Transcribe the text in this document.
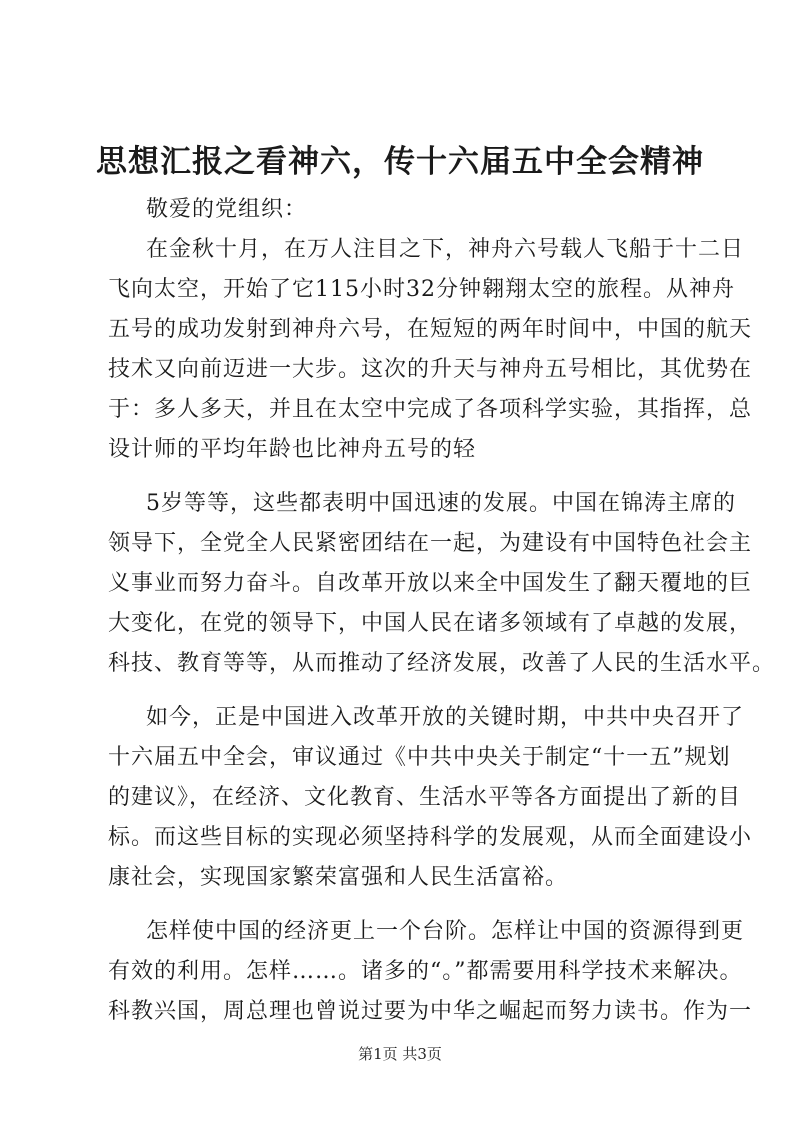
思想汇报之看神六，传十六届五中全会精神
敬爱的党组织：
在金秋十月，在万人注目之下，神舟六号载人飞船于十二日
飞向太空，开始了它115小时32分钟翱翔太空的旅程。从神舟
五号的成功发射到神舟六号，在短短的两年时间中，中国的航天
技术又向前迈进一大步。这次的升天与神舟五号相比，其优势在
于：多人多天，并且在太空中完成了各项科学实验，其指挥，总
设计师的平均年龄也比神舟五号的轻
5岁等等，这些都表明中国迅速的发展。中国在锦涛主席的
领导下，全党全人民紧密团结在一起，为建设有中国特色社会主
义事业而努力奋斗。自改革开放以来全中国发生了翻天覆地的巨
大变化，在党的领导下，中国人民在诸多领域有了卓越的发展，
科技、教育等等，从而推动了经济发展，改善了人民的生活水平。
如今，正是中国进入改革开放的关键时期，中共中央召开了
十六届五中全会，审议通过《中共中央关于制定“十一五”规划
的建议》，在经济、文化教育、生活水平等各方面提出了新的目
标。而这些目标的实现必须坚持科学的发展观，从而全面建设小
康社会，实现国家繁荣富强和人民生活富裕。
怎样使中国的经济更上一个台阶。怎样让中国的资源得到更
有效的利用。怎样……。诸多的“。”都需要用科学技术来解决。
科教兴国，周总理也曾说过要为中华之崛起而努力读书。作为一
第1页 共3页
